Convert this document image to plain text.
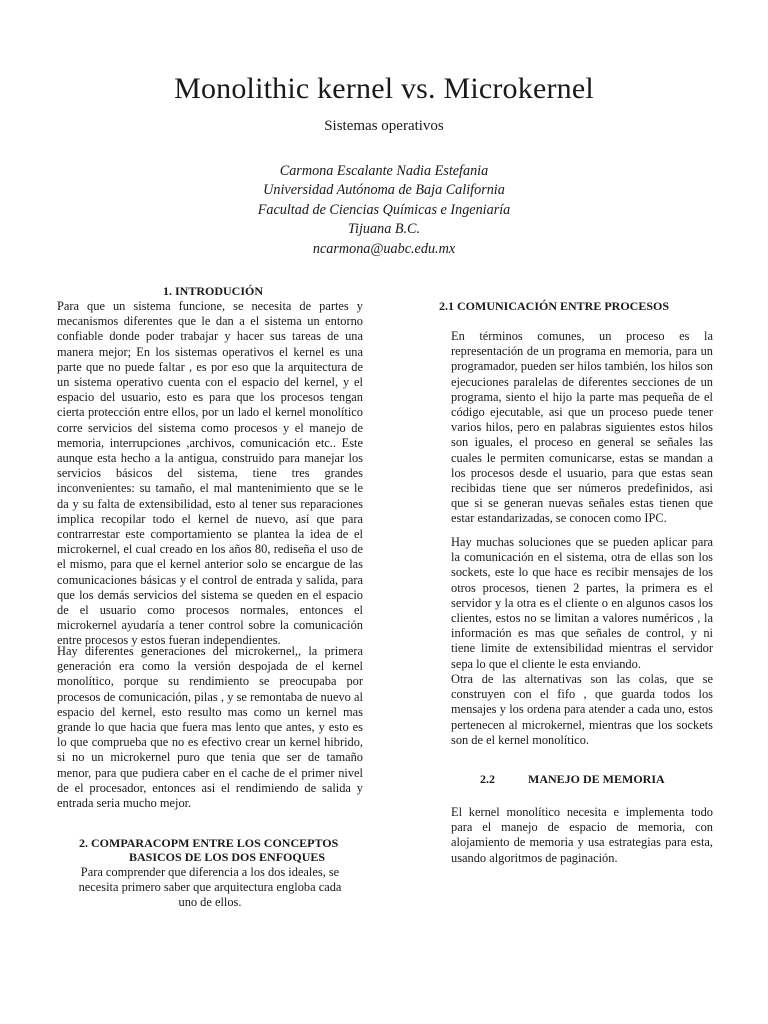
Monolithic kernel vs. Microkernel
Sistemas operativos
Carmona Escalante Nadia Estefania
Universidad Autónoma de Baja California
Facultad de Ciencias Químicas e Ingeniaría
Tijuana B.C.
ncarmona@uabc.edu.mx
1. INTRODUCIÓN
Para que un sistema funcione, se necesita de partes y mecanismos diferentes que le dan a el sistema un entorno confiable donde poder trabajar y hacer sus tareas de una manera mejor; En los sistemas operativos el kernel es una parte que no puede faltar , es por eso que la arquitectura de un sistema operativo cuenta con el espacio del kernel, y el espacio del usuario, esto es para que los procesos tengan cierta protección entre ellos, por un lado el kernel monolítico corre servicios del sistema como procesos y el manejo de memoria, interrupciones ,archivos, comunicación etc.. Este aunque esta hecho a la antigua, construido para manejar los servicios básicos del sistema, tiene tres grandes inconvenientes: su tamaño, el mal mantenimiento que se le da y su falta de extensibilidad, esto al tener sus reparaciones implica recopilar todo el kernel de nuevo, así que para contrarrestar este comportamiento se plantea la idea de el microkernel, el cual creado en los años 80, rediseña el uso de el mismo, para que el kernel anterior solo se encargue de las comunicaciones básicas y el control de entrada y salida, para que los demás servicios del sistema se queden en el espacio de el usuario como procesos normales, entonces el microkernel ayudaría a tener control sobre la comunicación entre procesos y estos fueran independientes.
Hay diferentes generaciones del microkernel,, la primera generación era como la versión despojada de el kernel monolítico, porque su rendimiento se preocupaba por procesos de comunicación, pilas , y se remontaba de nuevo al espacio del kernel, esto resulto mas como un kernel mas grande lo que hacia que fuera mas lento que antes, y esto es lo que comprueba que no es efectivo crear un kernel hibrido, si no un microkernel puro que tenia que ser de tamaño menor, para que pudiera caber en el cache de el primer nivel de el procesador, entonces asi el rendimiendo de salida y entrada seria mucho mejor.
2. COMPARACOPM ENTRE LOS CONCEPTOS
BASICOS DE LOS DOS ENFOQUES
Para comprender que diferencia a los dos ideales, se necesita primero saber que arquitectura engloba cada uno de ellos.
2.1 COMUNICACIÓN ENTRE PROCESOS
En términos comunes, un proceso es la representación de un programa en memoria, para un programador, pueden ser hilos también, los hilos son ejecuciones paralelas de diferentes secciones de un programa, siento el hijo la parte mas pequeña de el código ejecutable, asi que un proceso puede tener varios hilos, pero en palabras siguientes estos hilos son iguales, el proceso en general se señales las cuales le permiten comunicarse, estas se mandan a los procesos desde el usuario, para que estas sean recibidas tiene que ser números predefinidos, asi que si se generan nuevas señales estas tienen que estar estandarizadas, se conocen como IPC.
Hay muchas soluciones que se pueden aplicar para la comunicación en el sistema, otra de ellas son los sockets, este lo que hace es recibir mensajes de los otros procesos, tienen 2 partes, la primera es el servidor y la otra es el cliente o en algunos casos los clientes, estos no se limitan a valores numéricos , la información es mas que señales de control, y ni tiene limite de extensibilidad mientras el servidor sepa lo que el cliente le esta enviando.
Otra de las alternativas son las colas, que se construyen con el fifo , que guarda todos los mensajes y los ordena para atender a cada uno, estos pertenecen al microkernel, mientras que los sockets son de el kernel monolítico.
2.2	MANEJO DE MEMORIA
El kernel monolítico necesita e implementa todo para el manejo de espacio de memoria, con alojamiento de memoria y usa estrategias para esta, usando algoritmos de paginación.
